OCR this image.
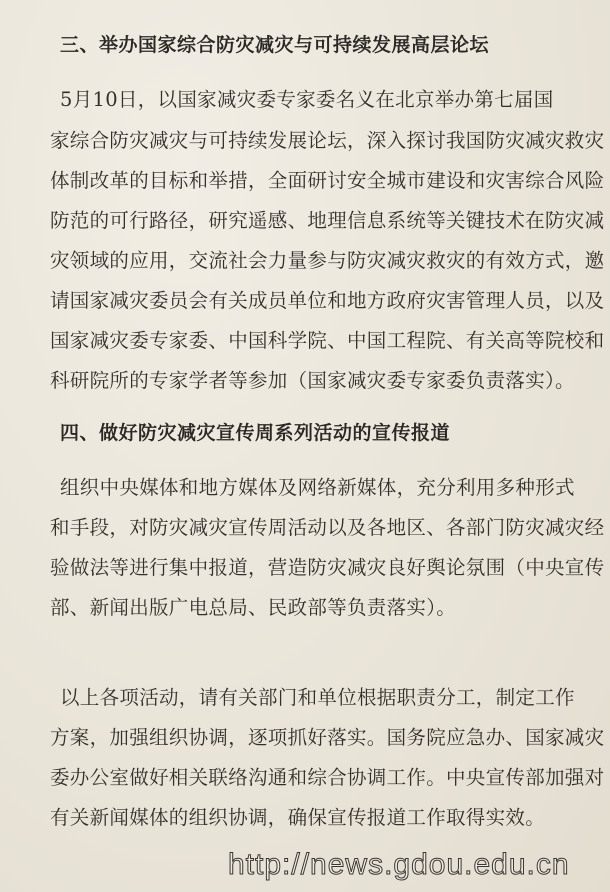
三、举办国家综合防灾减灾与可持续发展高层论坛
5月10日，以国家减灾委专家委名义在北京举办第七届国
家综合防灾减灾与可持续发展论坛，深入探讨我国防灾减灾救灾
体制改革的目标和举措，全面研讨安全城市建设和灾害综合风险
防范的可行路径，研究遥感、地理信息系统等关键技术在防灾减
灾领域的应用，交流社会力量参与防灾减灾救灾的有效方式，邀
请国家减灾委员会有关成员单位和地方政府灾害管理人员，以及
国家减灾委专家委、中国科学院、中国工程院、有关高等院校和
科研院所的专家学者等参加（国家减灾委专家委负责落实）。
四、做好防灾减灾宣传周系列活动的宣传报道
组织中央媒体和地方媒体及网络新媒体，充分利用多种形式
和手段，对防灾减灾宣传周活动以及各地区、各部门防灾减灾经
验做法等进行集中报道，营造防灾减灾良好舆论氛围（中央宣传
部、新闻出版广电总局、民政部等负责落实）。
以上各项活动，请有关部门和单位根据职责分工，制定工作
方案，加强组织协调，逐项抓好落实。国务院应急办、国家减灾
委办公室做好相关联络沟通和综合协调工作。中央宣传部加强对
有关新闻媒体的组织协调，确保宣传报道工作取得实效。
http://news.gdou.edu.cn
